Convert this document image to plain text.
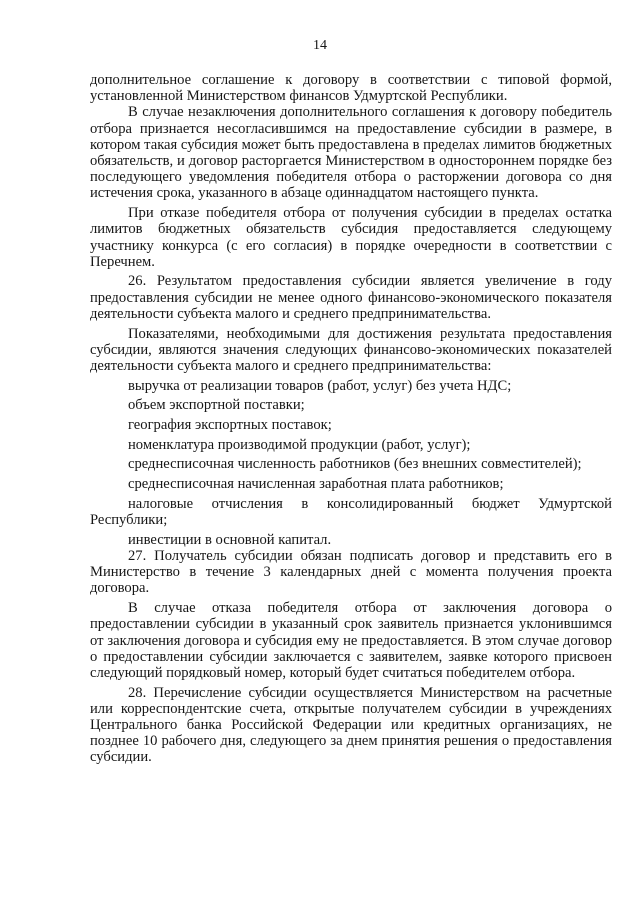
14

дополнительное соглашение к договору в соответствии с типовой формой, установленной Министерством финансов Удмуртской Республики.

В случае незаключения дополнительного соглашения к договору победитель отбора признается несогласившимся на предоставление субсидии в размере, в котором такая субсидия может быть предоставлена в пределах лимитов бюджетных обязательств, и договор расторгается Министерством в одностороннем порядке без последующего уведомления победителя отбора о расторжении договора со дня истечения срока, указанного в абзаце одиннадцатом настоящего пункта.

При отказе победителя отбора от получения субсидии в пределах остатка лимитов бюджетных обязательств субсидия предоставляется следующему участнику конкурса (с его согласия) в порядке очередности в соответствии с Перечнем.

26. Результатом предоставления субсидии является увеличение в году предоставления субсидии не менее одного финансово-экономического показателя деятельности субъекта малого и среднего предпринимательства.

Показателями, необходимыми для достижения результата предоставления субсидии, являются значения следующих финансово-экономических показателей деятельности субъекта малого и среднего предпринимательства:

выручка от реализации товаров (работ, услуг) без учета НДС;

объем экспортной поставки;

география экспортных поставок;

номенклатура производимой продукции (работ, услуг);

среднесписочная численность работников (без внешних совместителей);

среднесписочная начисленная заработная плата работников;

налоговые отчисления в консолидированный бюджет Удмуртской Республики;

инвестиции в основной капитал.

27. Получатель субсидии обязан подписать договор и представить его в Министерство в течение 3 календарных дней с момента получения проекта договора.

В случае отказа победителя отбора от заключения договора о предоставлении субсидии в указанный срок заявитель признается уклонившимся от заключения договора и субсидия ему не предоставляется. В этом случае договор о предоставлении субсидии заключается с заявителем, заявке которого присвоен следующий порядковый номер, который будет считаться победителем отбора.

28. Перечисление субсидии осуществляется Министерством на расчетные или корреспондентские счета, открытые получателем субсидии в учреждениях Центрального банка Российской Федерации или кредитных организациях, не позднее 10 рабочего дня, следующего за днем принятия решения о предоставления субсидии.
